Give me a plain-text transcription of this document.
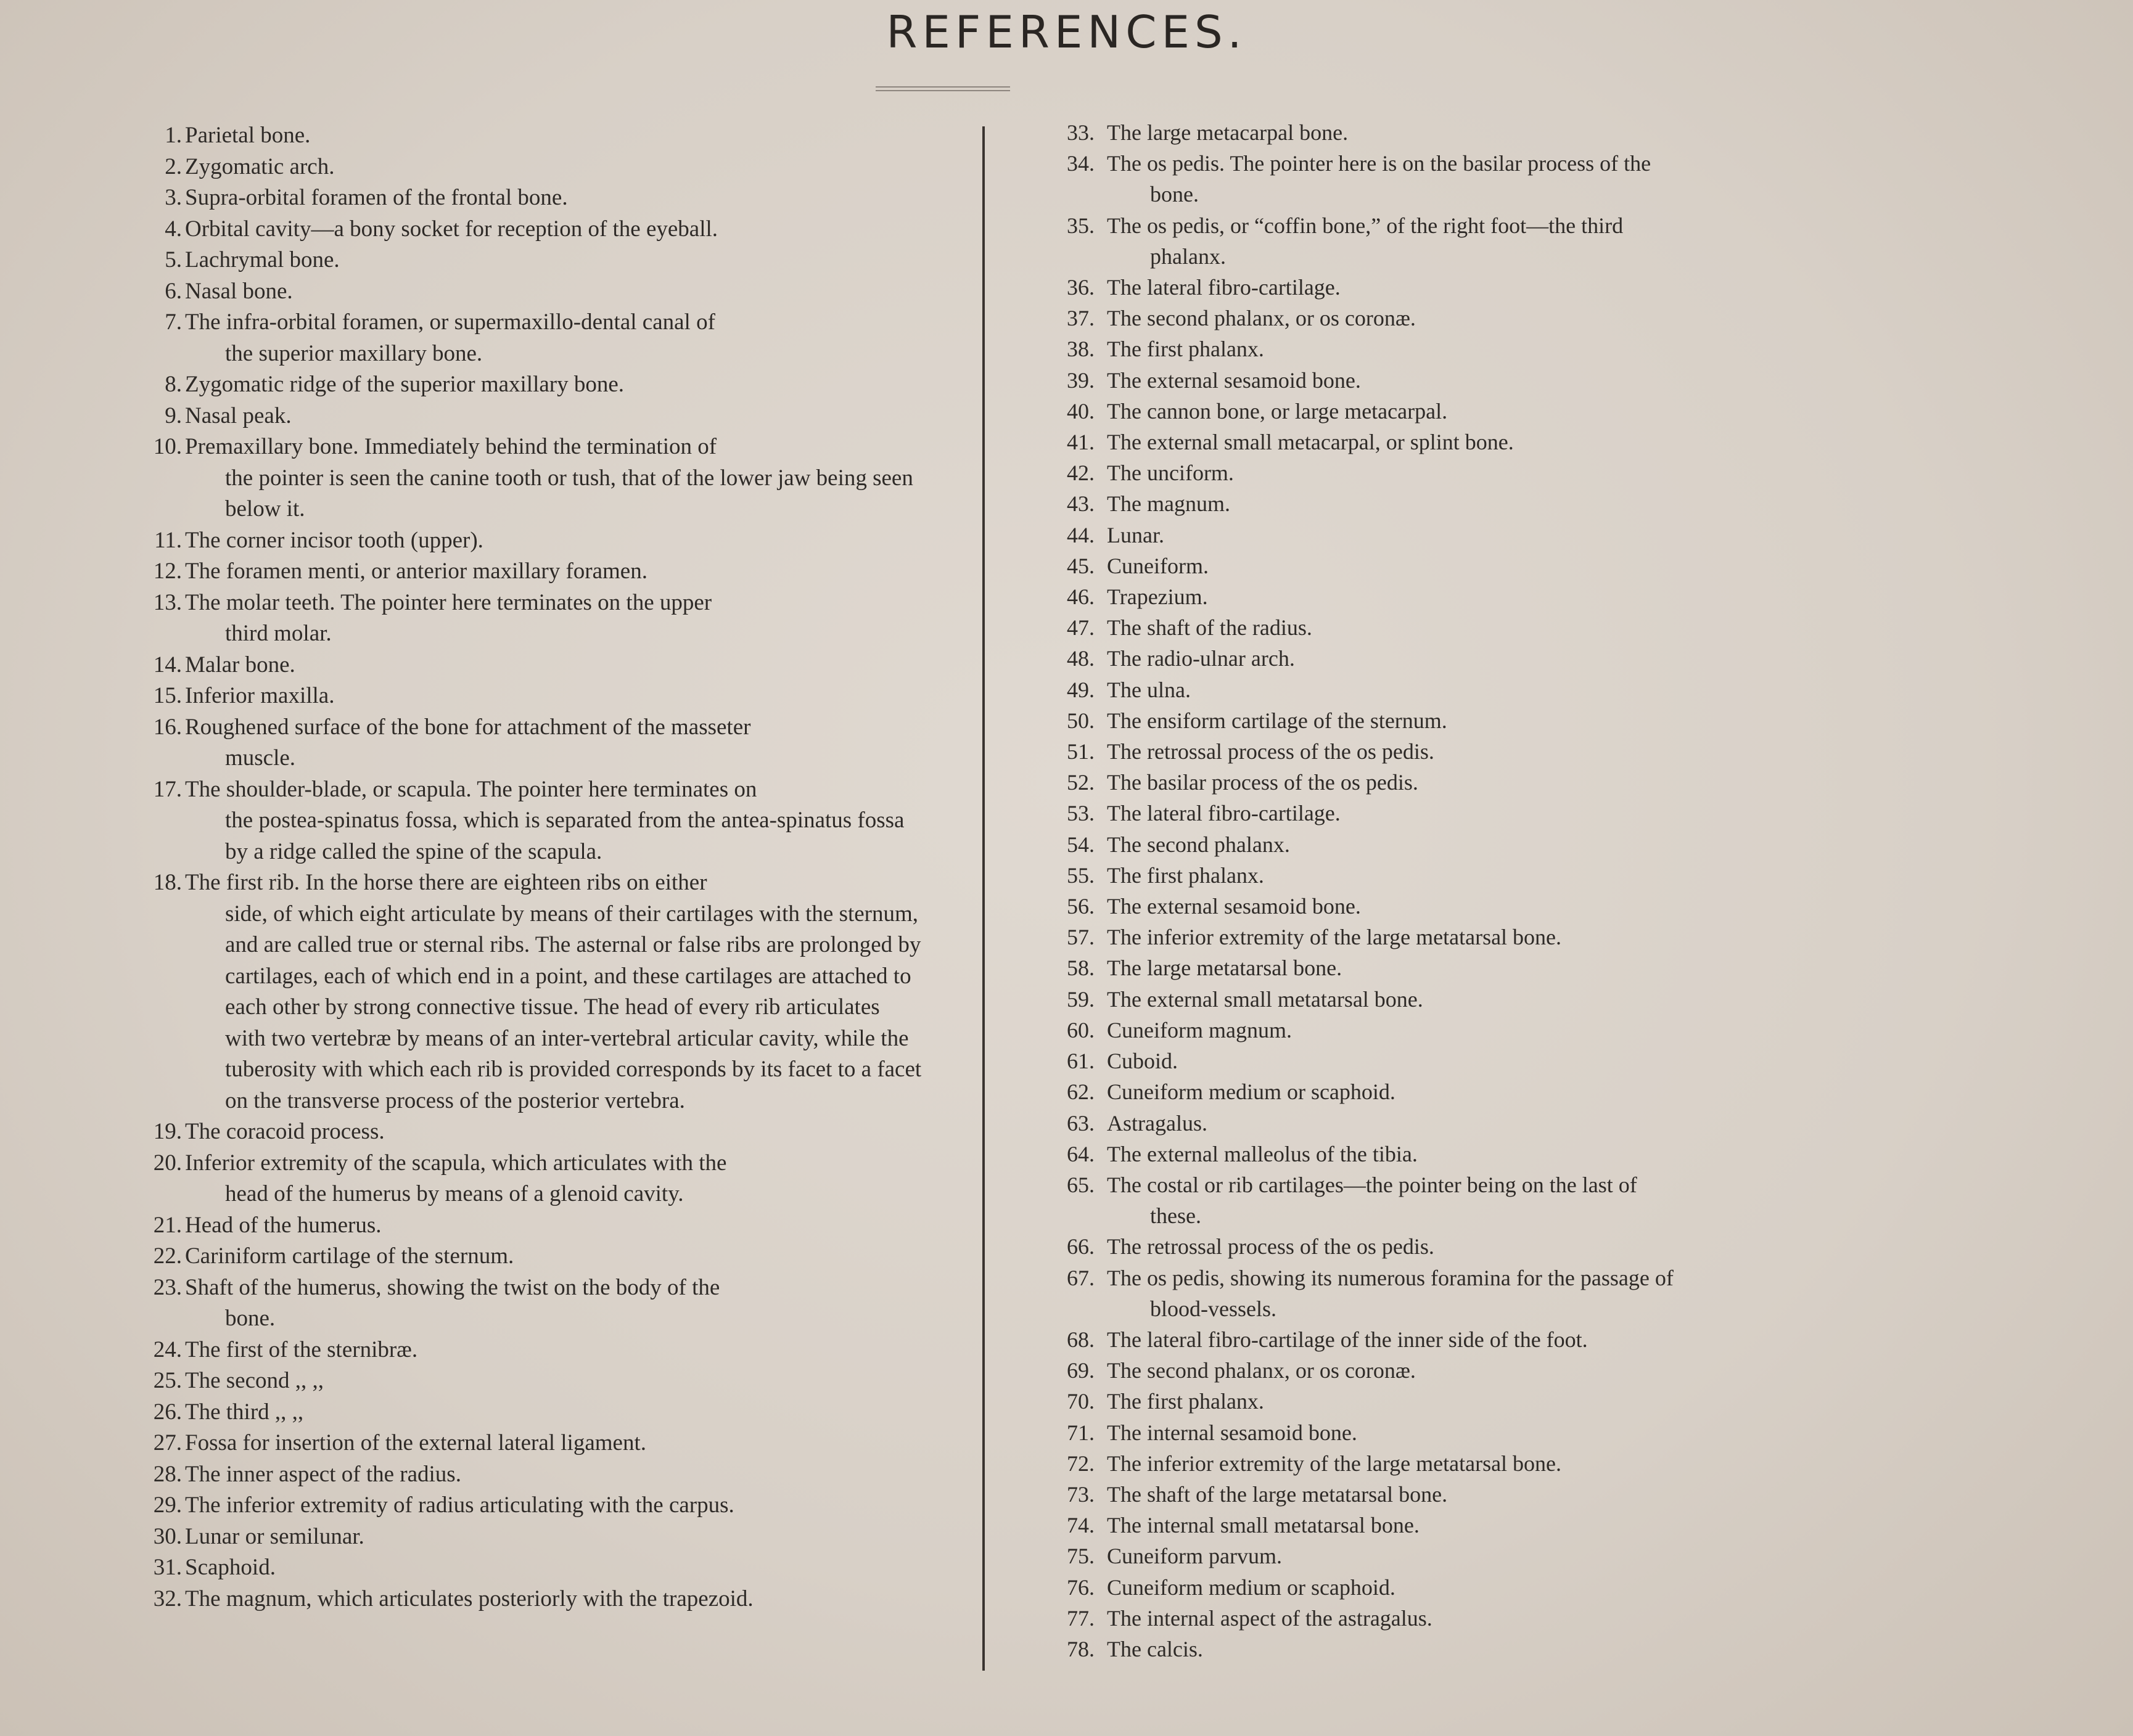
REFERENCES.
1. Parietal bone.
2. Zygomatic arch.
3. Supra-orbital foramen of the frontal bone.
4. Orbital cavity—a bony socket for reception of the eyeball.
5. Lachrymal bone.
6. Nasal bone.
7. The infra-orbital foramen, or supermaxillo-dental canal of
the superior maxillary bone.
8. Zygomatic ridge of the superior maxillary bone.
9. Nasal peak.
10. Premaxillary bone. Immediately behind the termination of
the pointer is seen the canine tooth or tush, that of the lower jaw being seen below it.
11. The corner incisor tooth (upper).
12. The foramen menti, or anterior maxillary foramen.
13. The molar teeth. The pointer here terminates on the upper
third molar.
14. Malar bone.
15. Inferior maxilla.
16. Roughened surface of the bone for attachment of the masseter
muscle.
17. The shoulder-blade, or scapula. The pointer here terminates on
the postea-spinatus fossa, which is separated from the antea-spinatus fossa by a ridge called the spine of the scapula.
18. The first rib. In the horse there are eighteen ribs on either
side, of which eight articulate by means of their cartilages with the sternum, and are called true or sternal ribs. The asternal or false ribs are prolonged by cartilages, each of which end in a point, and these cartilages are attached to each other by strong connective tissue. The head of every rib articulates with two vertebræ by means of an inter-vertebral articular cavity, while the tuberosity with which each rib is provided corresponds by its facet to a facet on the transverse process of the posterior vertebra.
19. The coracoid process.
20. Inferior extremity of the scapula, which articulates with the
head of the humerus by means of a glenoid cavity.
21. Head of the humerus.
22. Cariniform cartilage of the sternum.
23. Shaft of the humerus, showing the twist on the body of the
bone.
24. The first of the sternibræ.
25. The second ,, ,,
26. The third ,, ,,
27. Fossa for insertion of the external lateral ligament.
28. The inner aspect of the radius.
29. The inferior extremity of radius articulating with the carpus.
30. Lunar or semilunar.
31. Scaphoid.
32. The magnum, which articulates posteriorly with the trapezoid.
33. The large metacarpal bone.
34. The os pedis. The pointer here is on the basilar process of the
bone.
35. The os pedis, or “coffin bone,” of the right foot—the third
phalanx.
36. The lateral fibro-cartilage.
37. The second phalanx, or os coronæ.
38. The first phalanx.
39. The external sesamoid bone.
40. The cannon bone, or large metacarpal.
41. The external small metacarpal, or splint bone.
42. The unciform.
43. The magnum.
44. Lunar.
45. Cuneiform.
46. Trapezium.
47. The shaft of the radius.
48. The radio-ulnar arch.
49. The ulna.
50. The ensiform cartilage of the sternum.
51. The retrossal process of the os pedis.
52. The basilar process of the os pedis.
53. The lateral fibro-cartilage.
54. The second phalanx.
55. The first phalanx.
56. The external sesamoid bone.
57. The inferior extremity of the large metatarsal bone.
58. The large metatarsal bone.
59. The external small metatarsal bone.
60. Cuneiform magnum.
61. Cuboid.
62. Cuneiform medium or scaphoid.
63. Astragalus.
64. The external malleolus of the tibia.
65. The costal or rib cartilages—the pointer being on the last of
these.
66. The retrossal process of the os pedis.
67. The os pedis, showing its numerous foramina for the passage of
blood-vessels.
68. The lateral fibro-cartilage of the inner side of the foot.
69. The second phalanx, or os coronæ.
70. The first phalanx.
71. The internal sesamoid bone.
72. The inferior extremity of the large metatarsal bone.
73. The shaft of the large metatarsal bone.
74. The internal small metatarsal bone.
75. Cuneiform parvum.
76. Cuneiform medium or scaphoid.
77. The internal aspect of the astragalus.
78. The calcis.
